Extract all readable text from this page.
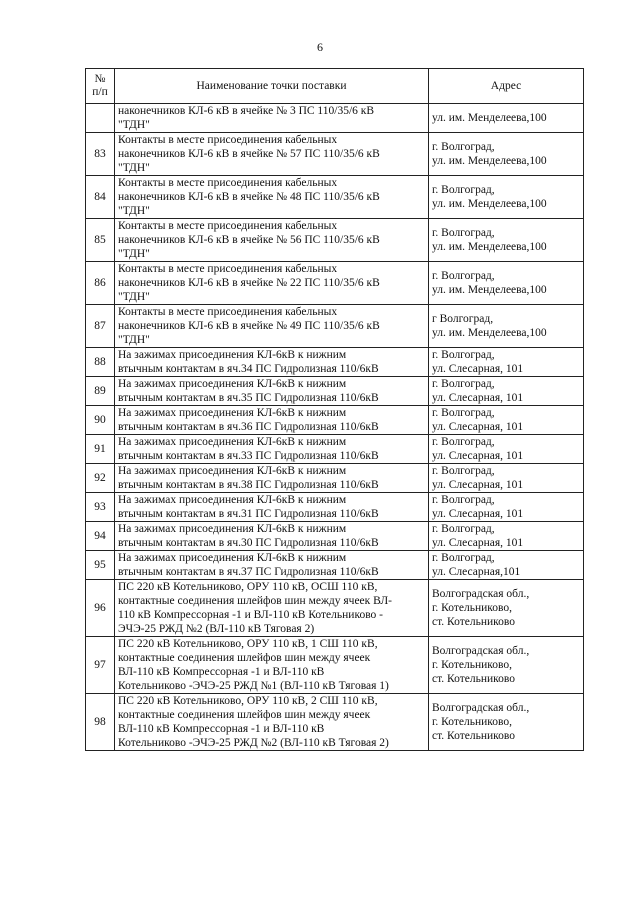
6
№
п/п	Наименование точки поставки	Адрес
	наконечников КЛ-6 кВ в ячейке № 3 ПС 110/35/6 кВ
"ТДН"	ул. им. Менделеева,100
83	Контакты в месте присоединения кабельных
наконечников КЛ-6 кВ в ячейке № 57 ПС 110/35/6 кВ
"ТДН"	г. Волгоград,
ул. им. Менделеева,100
84	Контакты в месте присоединения кабельных
наконечников КЛ-6 кВ в ячейке № 48 ПС 110/35/6 кВ
"ТДН"	г. Волгоград,
ул. им. Менделеева,100
85	Контакты в месте присоединения кабельных
наконечников КЛ-6 кВ в ячейке № 56 ПС 110/35/6 кВ
"ТДН"	г. Волгоград,
ул. им. Менделеева,100
86	Контакты в месте присоединения кабельных
наконечников КЛ-6 кВ в ячейке № 22 ПС 110/35/6 кВ
"ТДН"	г. Волгоград,
ул. им. Менделеева,100
87	Контакты в месте присоединения кабельных
наконечников КЛ-6 кВ в ячейке № 49 ПС 110/35/6 кВ
"ТДН"	г Волгоград,
ул. им. Менделеева,100
88	На зажимах присоединения КЛ-6кВ к нижним
втычным контактам в яч.34 ПС Гидролизная 110/6кВ	г. Волгоград,
ул. Слесарная, 101
89	На зажимах присоединения КЛ-6кВ к нижним
втычным контактам в яч.35 ПС Гидролизная 110/6кВ	г. Волгоград,
ул. Слесарная, 101
90	На зажимах присоединения КЛ-6кВ к нижним
втычным контактам в яч.36 ПС Гидролизная 110/6кВ	г. Волгоград,
ул. Слесарная, 101
91	На зажимах присоединения КЛ-6кВ к нижним
втычным контактам в яч.33 ПС Гидролизная 110/6кВ	г. Волгоград,
ул. Слесарная, 101
92	На зажимах присоединения КЛ-6кВ к нижним
втычным контактам в яч.38 ПС Гидролизная 110/6кВ	г. Волгоград,
ул. Слесарная, 101
93	На зажимах присоединения КЛ-6кВ к нижним
втычным контактам в яч.31 ПС Гидролизная 110/6кВ	г. Волгоград,
ул. Слесарная, 101
94	На зажимах присоединения КЛ-6кВ к нижним
втычным контактам в яч.30 ПС Гидролизная 110/6кВ	г. Волгоград,
ул. Слесарная, 101
95	На зажимах присоединения КЛ-6кВ к нижним
втычным контактам в яч.37 ПС Гидролизная 110/6кВ	г. Волгоград,
ул. Слесарная,101
96	ПС 220 кВ Котельниково, ОРУ 110 кВ, ОСШ 110 кВ,
контактные соединения шлейфов шин между ячеек ВЛ-
110 кВ Компрессорная -1 и ВЛ-110 кВ Котельниково -
ЭЧЭ-25 РЖД №2 (ВЛ-110 кВ Тяговая 2)	Волгоградская обл.,
г. Котельниково,
ст. Котельниково
97	ПС 220 кВ Котельниково, ОРУ 110 кВ, 1 СШ 110 кВ,
контактные соединения шлейфов шин между ячеек
ВЛ-110 кВ Компрессорная -1 и ВЛ-110 кВ
Котельниково -ЭЧЭ-25 РЖД №1 (ВЛ-110 кВ Тяговая 1)	Волгоградская обл.,
г. Котельниково,
ст. Котельниково
98	ПС 220 кВ Котельниково, ОРУ 110 кВ, 2 СШ 110 кВ,
контактные соединения шлейфов шин между ячеек
ВЛ-110 кВ Компрессорная -1 и ВЛ-110 кВ
Котельниково -ЭЧЭ-25 РЖД №2 (ВЛ-110 кВ Тяговая 2)	Волгоградская обл.,
г. Котельниково,
ст. Котельниково
